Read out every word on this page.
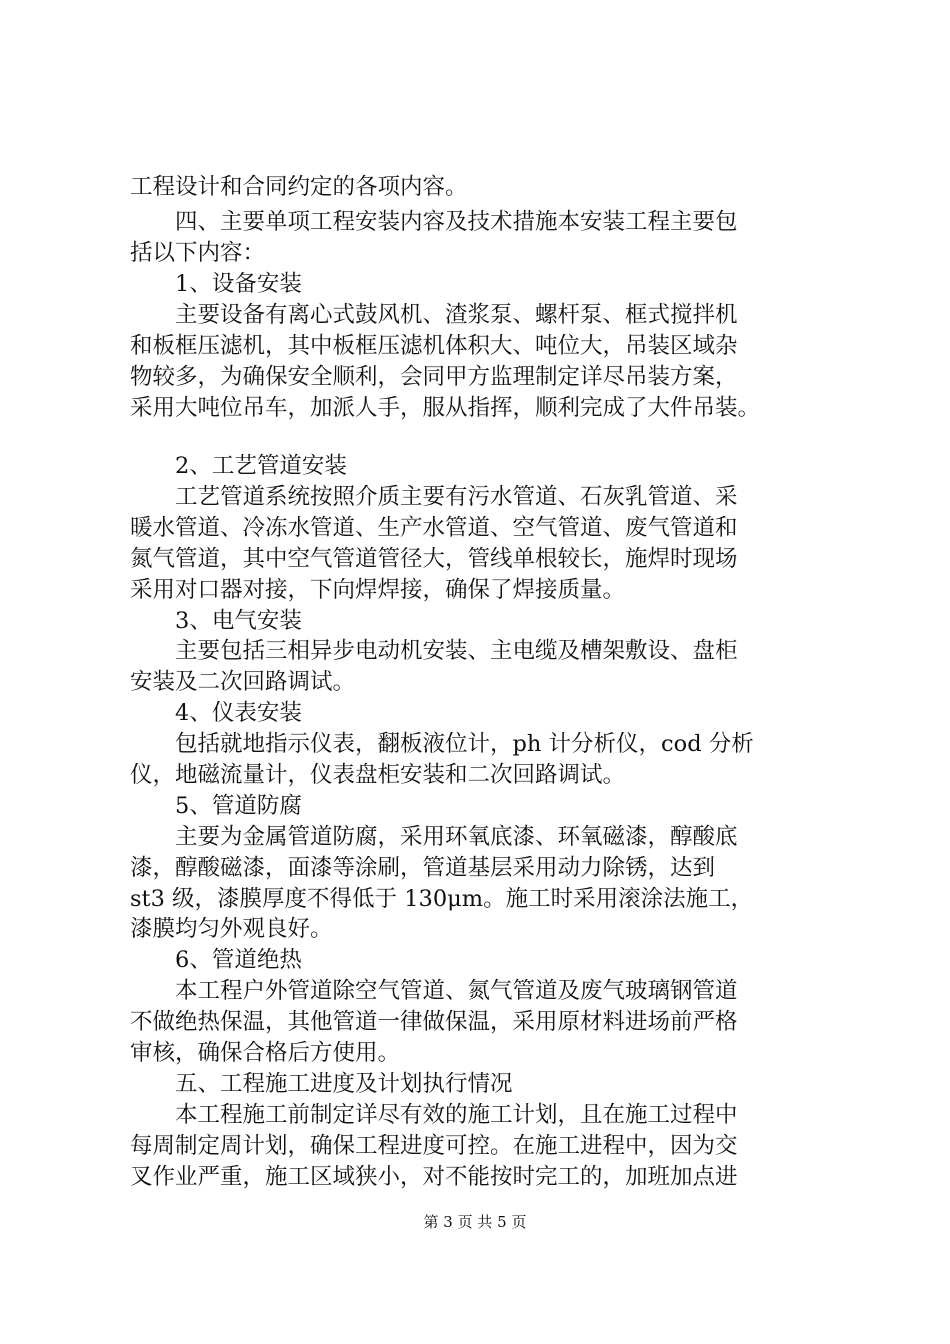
工程设计和合同约定的各项内容。
　　四、主要单项工程安装内容及技术措施本安装工程主要包
括以下内容：
　　1、设备安装
　　主要设备有离心式鼓风机、渣浆泵、螺杆泵、框式搅拌机
和板框压滤机，其中板框压滤机体积大、吨位大，吊装区域杂
物较多，为确保安全顺利，会同甲方监理制定详尽吊装方案，
采用大吨位吊车，加派人手，服从指挥，顺利完成了大件吊装。
　　2、工艺管道安装
　　工艺管道系统按照介质主要有污水管道、石灰乳管道、采
暖水管道、冷冻水管道、生产水管道、空气管道、废气管道和
氮气管道，其中空气管道管径大，管线单根较长，施焊时现场
采用对口器对接，下向焊焊接，确保了焊接质量。
　　3、电气安装
　　主要包括三相异步电动机安装、主电缆及槽架敷设、盘柜
安装及二次回路调试。
　　4、仪表安装
　　包括就地指示仪表，翻板液位计，ph 计分析仪，cod 分析
仪，地磁流量计，仪表盘柜安装和二次回路调试。
　　5、管道防腐
　　主要为金属管道防腐，采用环氧底漆、环氧磁漆，醇酸底
漆，醇酸磁漆，面漆等涂刷，管道基层采用动力除锈，达到
st3 级，漆膜厚度不得低于 130μm。施工时采用滚涂法施工，
漆膜均匀外观良好。
　　6、管道绝热
　　本工程户外管道除空气管道、氮气管道及废气玻璃钢管道
不做绝热保温，其他管道一律做保温，采用原材料进场前严格
审核，确保合格后方使用。
　　五、工程施工进度及计划执行情况
　　本工程施工前制定详尽有效的施工计划，且在施工过程中
每周制定周计划，确保工程进度可控。在施工进程中，因为交
叉作业严重，施工区域狭小，对不能按时完工的，加班加点进
第 3 页 共 5 页
